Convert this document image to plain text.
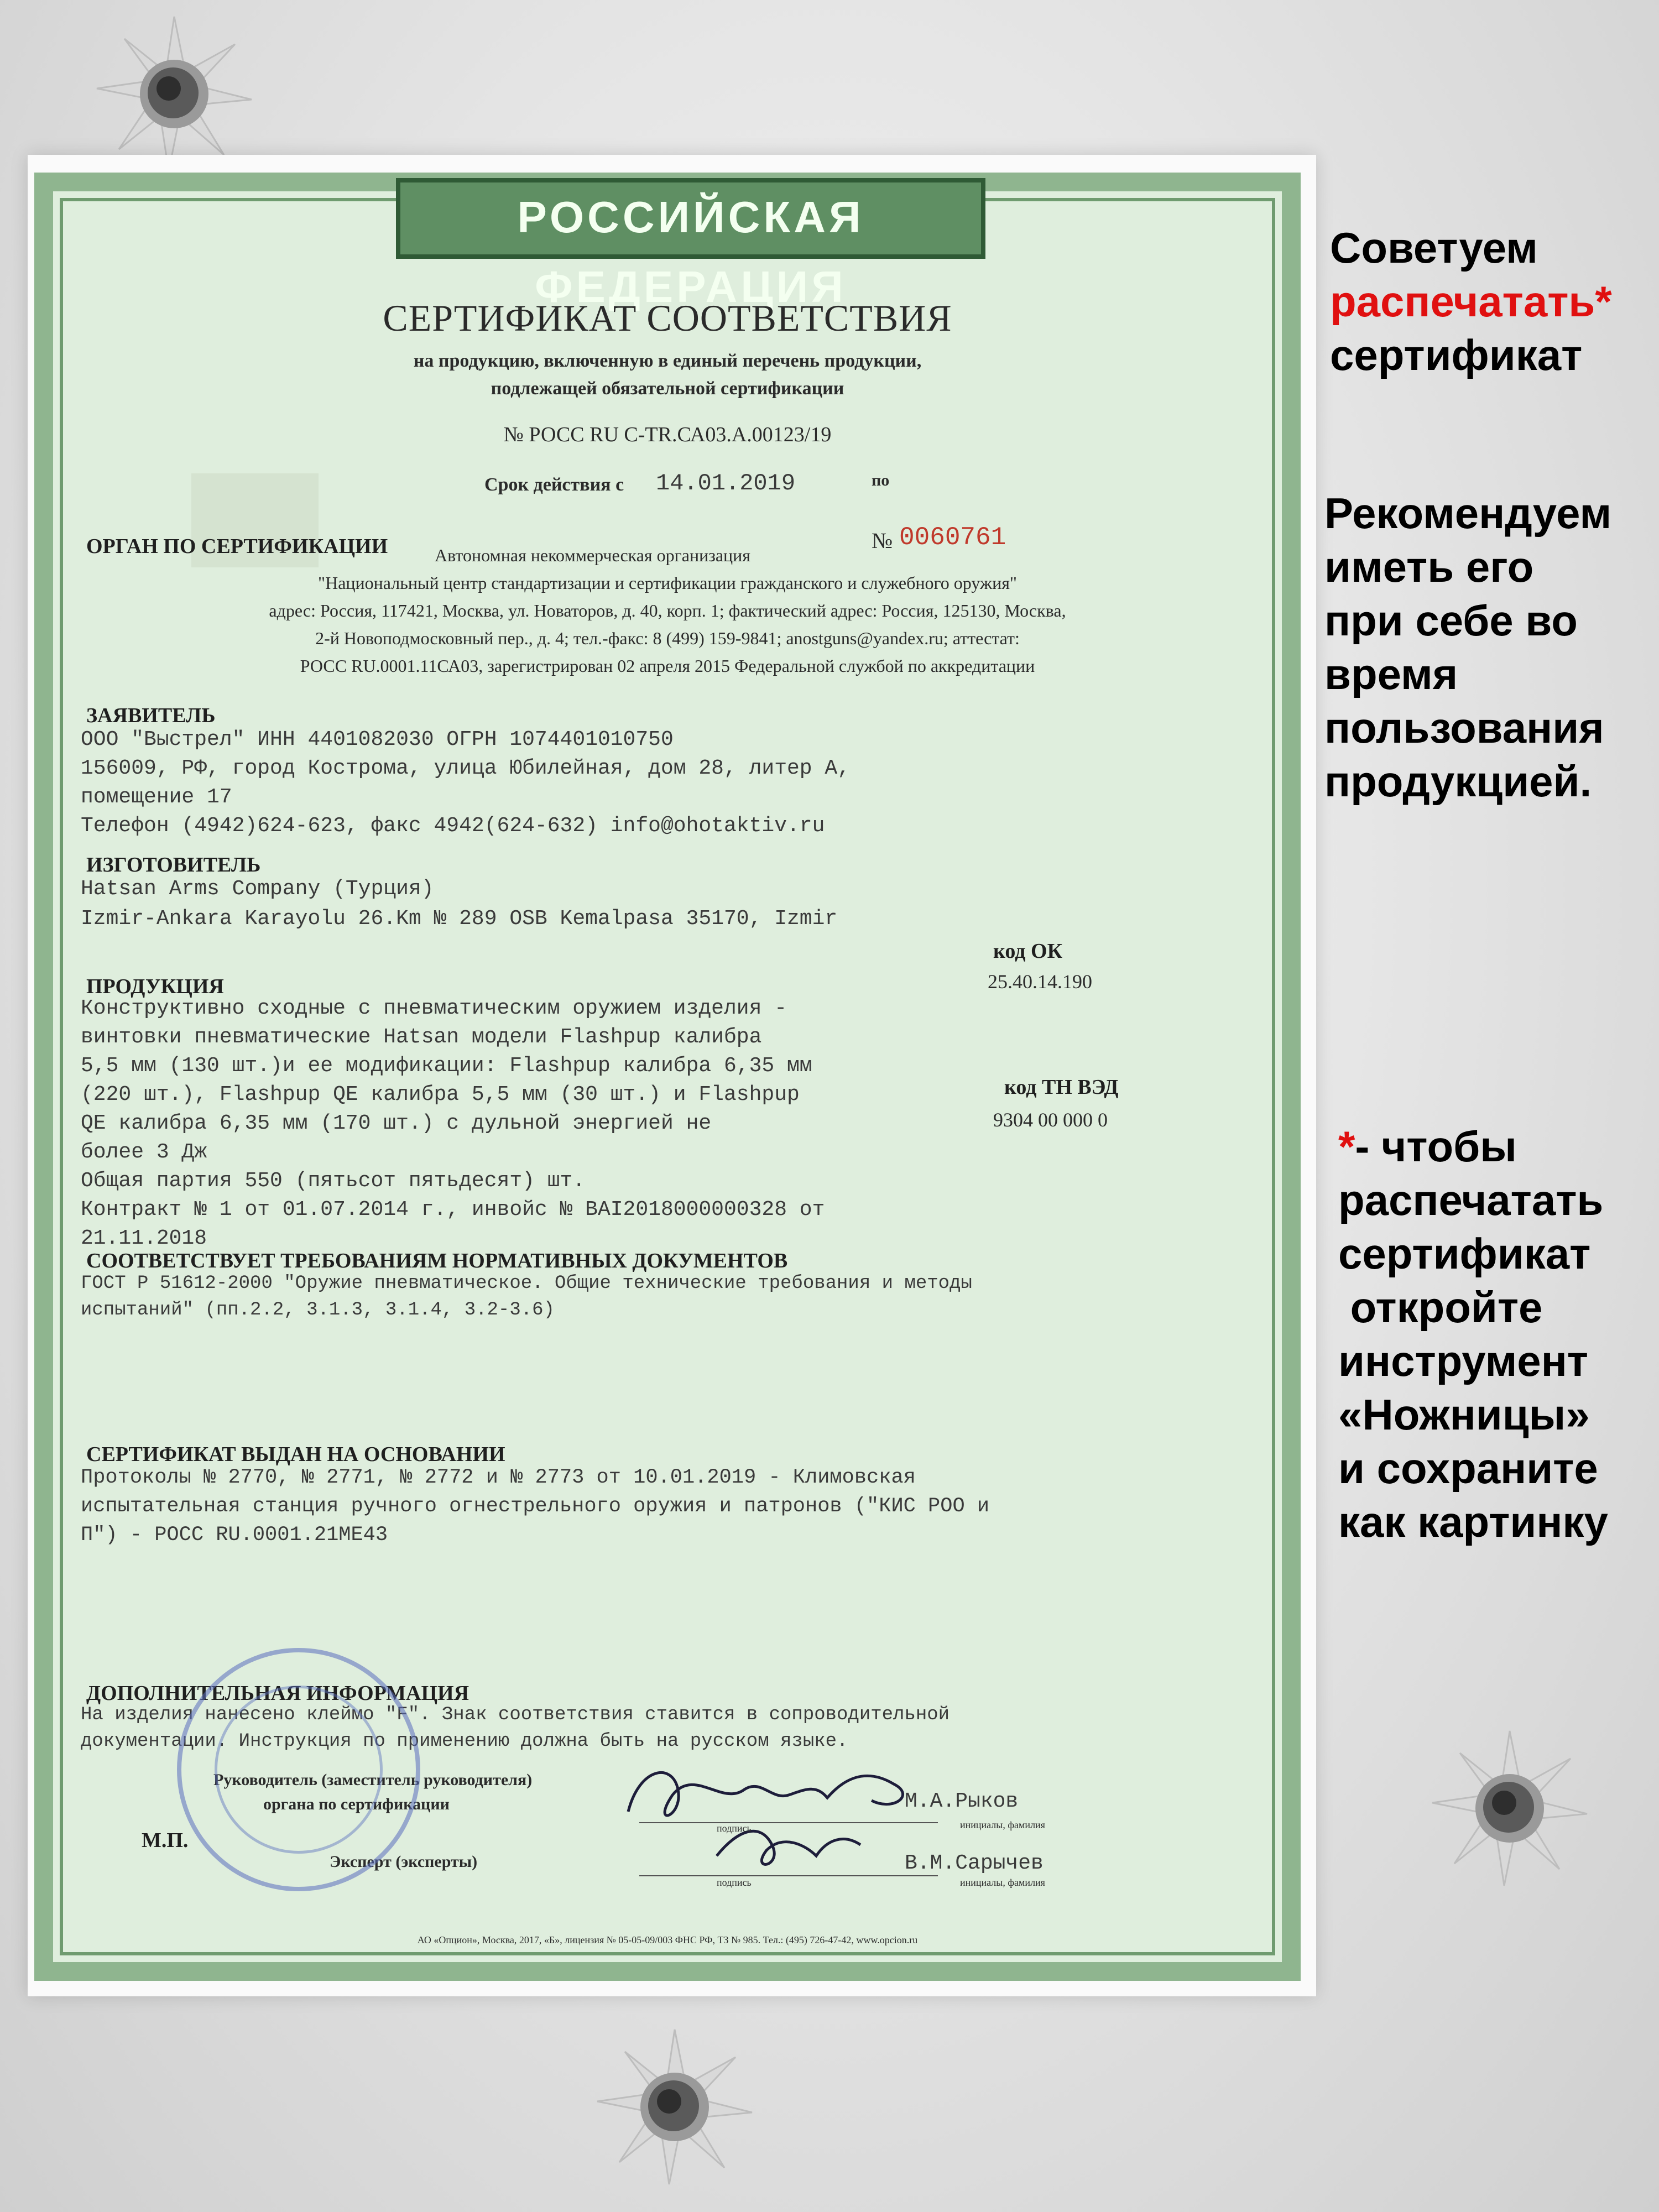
РОССИЙСКАЯ ФЕДЕРАЦИЯ
СЕРТИФИКАТ СООТВЕТСТВИЯ
на продукцию, включенную в единый перечень продукции,
подлежащей обязательной сертификации
№ РОСС RU С-TR.СА03.А.00123/19
Срок действия с 14.01.2019	по
ОРГАН ПО СЕРТИФИКАЦИИ	Автономная некоммерческая организация
№ 0060761
"Национальный центр стандартизации и сертификации гражданского и служебного оружия"
адрес: Россия, 117421, Москва, ул. Новаторов, д. 40, корп. 1; фактический адрес: Россия, 125130, Москва,
2-й Новоподмосковный пер., д. 4; тел.-факс: 8 (499) 159-9841; anostguns@yandex.ru; аттестат:
РОСС RU.0001.11СА03, зарегистрирован 02 апреля 2015 Федеральной службой по аккредитации
ЗАЯВИТЕЛЬ
ООО "Выстрел" ИНН 4401082030 ОГРН 1074401010750
156009, РФ, город Кострома, улица Юбилейная, дом 28, литер А,
помещение 17
Телефон (4942)624-623, факс 4942(624-632) info@ohotaktiv.ru
ИЗГОТОВИТЕЛЬ
Hatsan Arms Company (Турция)
Izmir-Ankara Karayolu 26.Km № 289 OSB Kemalpasa 35170, Izmir
код ОК
25.40.14.190
ПРОДУКЦИЯ
Конструктивно сходные с пневматическим оружием изделия -
винтовки пневматические Hatsan модели Flashpup калибра
5,5 мм (130 шт.)и ее модификации: Flashpup калибра 6,35 мм
(220 шт.), Flashpup QE калибра 5,5 мм (30 шт.) и Flashpup
QE калибра 6,35 мм (170 шт.) с дульной энергией не
более 3 Дж
Общая партия 550 (пятьсот пятьдесят) шт.
Контракт № 1 от 01.07.2014 г., инвойс № BAI2018000000328 от
21.11.2018
код ТН ВЭД
9304 00 000 0
СООТВЕТСТВУЕТ ТРЕБОВАНИЯМ НОРМАТИВНЫХ ДОКУМЕНТОВ
ГОСТ Р 51612-2000 "Оружие пневматическое. Общие технические требования и методы
испытаний" (пп.2.2, 3.1.3, 3.1.4, 3.2-3.6)
СЕРТИФИКАТ ВЫДАН НА ОСНОВАНИИ
Протоколы № 2770, № 2771, № 2772 и № 2773 от 10.01.2019 - Климовская
испытательная станция ручного огнестрельного оружия и патронов ("КИС РОО и
П") - РОСС RU.0001.21МЕ43
ДОПОЛНИТЕЛЬНАЯ ИНФОРМАЦИЯ
На изделия нанесено клеймо "F". Знак соответствия ставится в сопроводительной
документации. Инструкция по применению должна быть на русском языке.
Руководитель (заместитель руководителя)
органа по сертификации
М.П.
Эксперт (эксперты)
подпись
подпись
М.А.Рыков
инициалы, фамилия
В.М.Сарычев
инициалы, фамилия
АО «Опцион», Москва, 2017, «Б», лицензия № 05-05-09/003 ФНС РФ, ТЗ № 985. Тел.: (495) 726-47-42, www.opcion.ru
Советуем
распечатать*
сертификат
Рекомендуем
иметь его
при себе во
время
пользования
продукцией.
*- чтобы
распечатать
сертификат
откройте
инструмент
«Ножницы»
и сохраните
как картинку
